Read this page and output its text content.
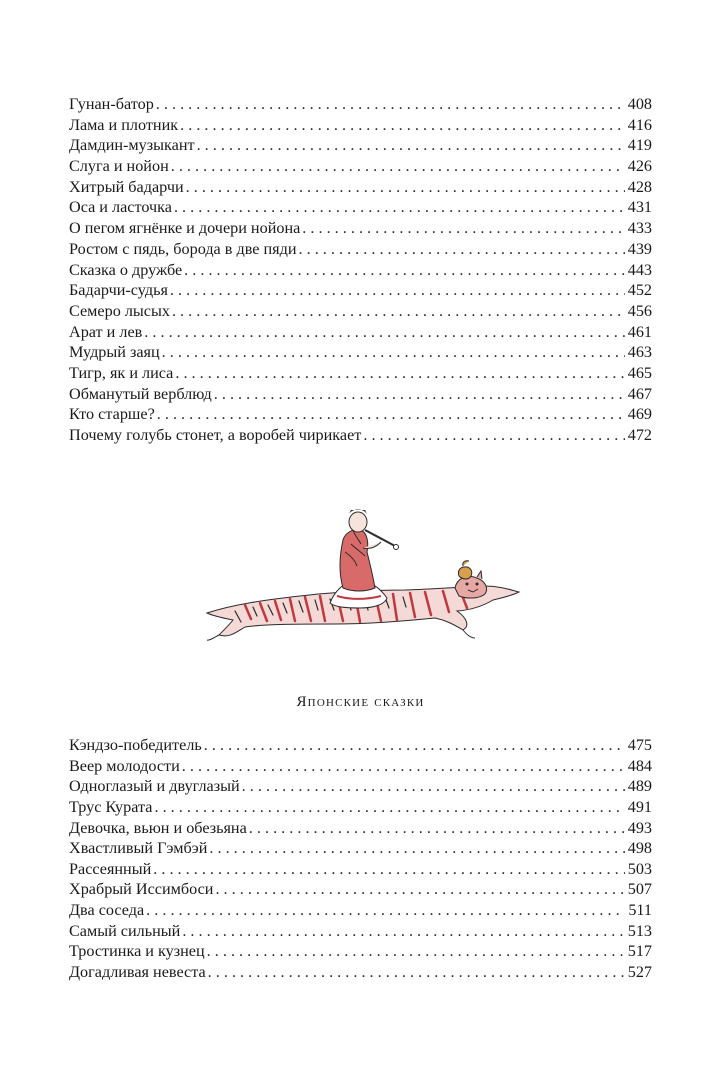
Гунан-батор . . .	408
Лама и плотник . . .	416
Дамдин-музыкант . . .	419
Слуга и нойон . . .	426
Хитрый бадарчи . . .	428
Оса и ласточка . . .	431
О пегом ягнёнке и дочери нойона . . .	433
Ростом с пядь, борода в две пяди . . .	439
Сказка о дружбе . . .	443
Бадарчи-судья . . .	452
Семеро лысых . . .	456
Арат и лев . . .	461
Мудрый заяц . . .	463
Тигр, як и лиса . . .	465
Обманутый верблюд . . .	467
Кто старше? . . .	469
Почему голубь стонет, а воробей чирикает . . .	472
Японские сказки
Кэндзо-победитель . . .	475
Веер молодости . . .	484
Одноглазый и двуглазый . . .	489
Трус Курата . . .	491
Девочка, вьюн и обезьяна . . .	493
Хвастливый Гэмбэй . . .	498
Рассеянный . . .	503
Храбрый Иссимбоси . . .	507
Два соседа . . .	511
Самый сильный . . .	513
Тростинка и кузнец . . .	517
Догадливая невеста . . .	527
